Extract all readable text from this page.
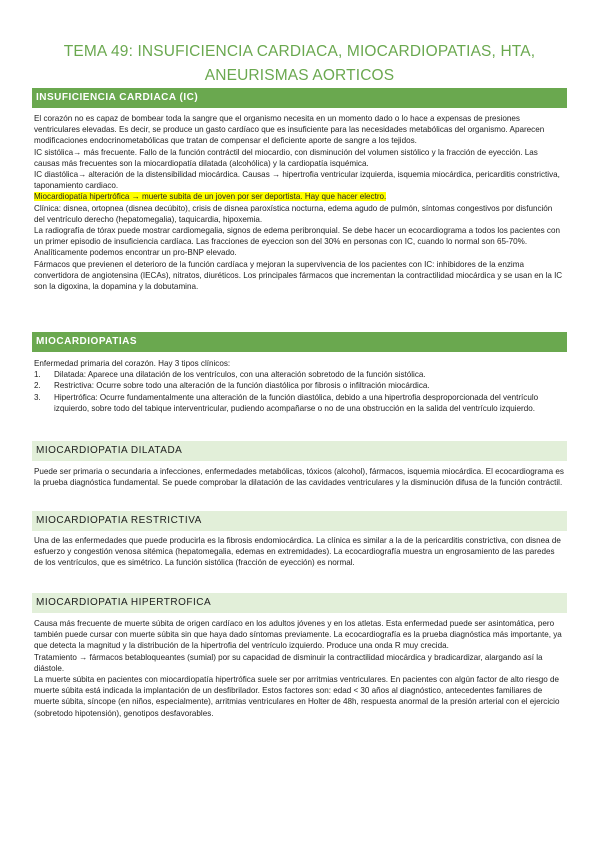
TEMA 49: INSUFICIENCIA CARDIACA, MIOCARDIOPATIAS, HTA, ANEURISMAS AORTICOS
INSUFICIENCIA CARDIACA (IC)

El corazón no es capaz de bombear toda la sangre que el organismo necesita en un momento dado o lo hace a expensas de presiones ventriculares elevadas. Es decir, se produce un gasto cardíaco que es insuficiente para las necesidades metabólicas del organismo. Aparecen modificaciones endocrinometabólicas que tratan de compensar el deficiente aporte de sangre a los tejidos.

IC sistólica→ más frecuente. Fallo de la función contráctil del miocardio, con disminución del volumen sistólico y la fracción de eyección. Las causas más frecuentes son la miocardiopatía dilatada (alcohólica) y la cardiopatía isquémica.

IC diastólica→ alteración de la distensibilidad miocárdica. Causas → hipertrofia ventricular izquierda, isquemia miocárdica, pericarditis constrictiva, taponamiento cardiaco.

Miocardiopatía hipertrófica → muerte subita de un joven por ser deportista. Hay que hacer electro.

Clínica: disnea, ortopnea (disnea decúbito), crisis de disnea paroxística nocturna, edema agudo de pulmón, síntomas congestivos por disfunción del ventrículo derecho (hepatomegalia), taquicardia, hipoxemia.

La radiografía de tórax puede mostrar cardiomegalia, signos de edema peribronquial. Se debe hacer un ecocardiograma a todos los pacientes con un primer episodio de insuficiencia cardíaca. Las fracciones de eyeccion son del 30% en personas con IC, cuando lo normal son 65-70%. Analíticamente podemos encontrar un pro-BNP elevado.

Fármacos que previenen el deterioro de la función cardíaca y mejoran la supervivencia de los pacientes con IC: inhibidores de la enzima convertidora de angiotensina (IECAs), nitratos, diuréticos. Los principales fármacos que incrementan la contractilidad miocárdica y se usan en la IC son la digoxina, la dopamina y la dobutamina.

MIOCARDIOPATIAS

Enfermedad primaria del corazón. Hay 3 tipos clínicos:

1. Dilatada: Aparece una dilatación de los ventrículos, con una alteración sobretodo de la función sistólica.
2. Restrictiva: Ocurre sobre todo una alteración de la función diastólica por fibrosis o infiltración miocárdica.
3. Hipertrófica: Ocurre fundamentalmente una alteración de la función diastólica, debido a una hipertrofia desproporcionada del ventrículo izquierdo, sobre todo del tabique interventricular, pudiendo acompañarse o no de una obstrucción en la salida del ventrículo izquierdo.
MIOCARDIOPATIA DILATADA

Puede ser primaria o secundaria a infecciones, enfermedades metabólicas, tóxicos (alcohol), fármacos, isquemia miocárdica. El ecocardiograma es la prueba diagnóstica fundamental. Se puede comprobar la dilatación de las cavidades ventriculares y la disminución difusa de la función contráctil.

MIOCARDIOPATIA RESTRICTIVA

Una de las enfermedades que puede producirla es la fibrosis endomiocárdica. La clínica es similar a la de la pericarditis constrictiva, con disnea de esfuerzo y congestión venosa sitémica (hepatomegalia, edemas en extremidades). La ecocardiografía muestra un engrosamiento de las paredes de los ventrículos, que es simétrico. La función sistólica (fracción de eyección) es normal.

MIOCARDIOPATIA HIPERTROFICA

Causa más frecuente de muerte súbita de origen cardíaco en los adultos jóvenes y en los atletas. Esta enfermedad puede ser asintomática, pero también puede cursar con muerte súbita sin que haya dado síntomas previamente. La ecocardiografía es la prueba diagnóstica más importante, ya que detecta la magnitud y la distribución de la hipertrofia del ventrículo izquierdo. Produce una onda R muy crecida.

Tratamiento → fármacos betabloqueantes (sumial) por su capacidad de disminuir la contractilidad miocárdica y bradicardizar, alargando así la diástole.

La muerte súbita en pacientes con miocardiopatía hipertrófica suele ser por arritmias ventriculares. En pacientes con algún factor de alto riesgo de muerte súbita está indicada la implantación de un desfibrilador. Estos factores son: edad < 30 años al diagnóstico, antecedentes familiares de muerte súbita, síncope (en niños, especialmente), arritmias ventriculares en Holter de 48h, respuesta anormal de la presión arterial con el ejercicio (sobretodo hipotensión), genotipos desfavorables.
